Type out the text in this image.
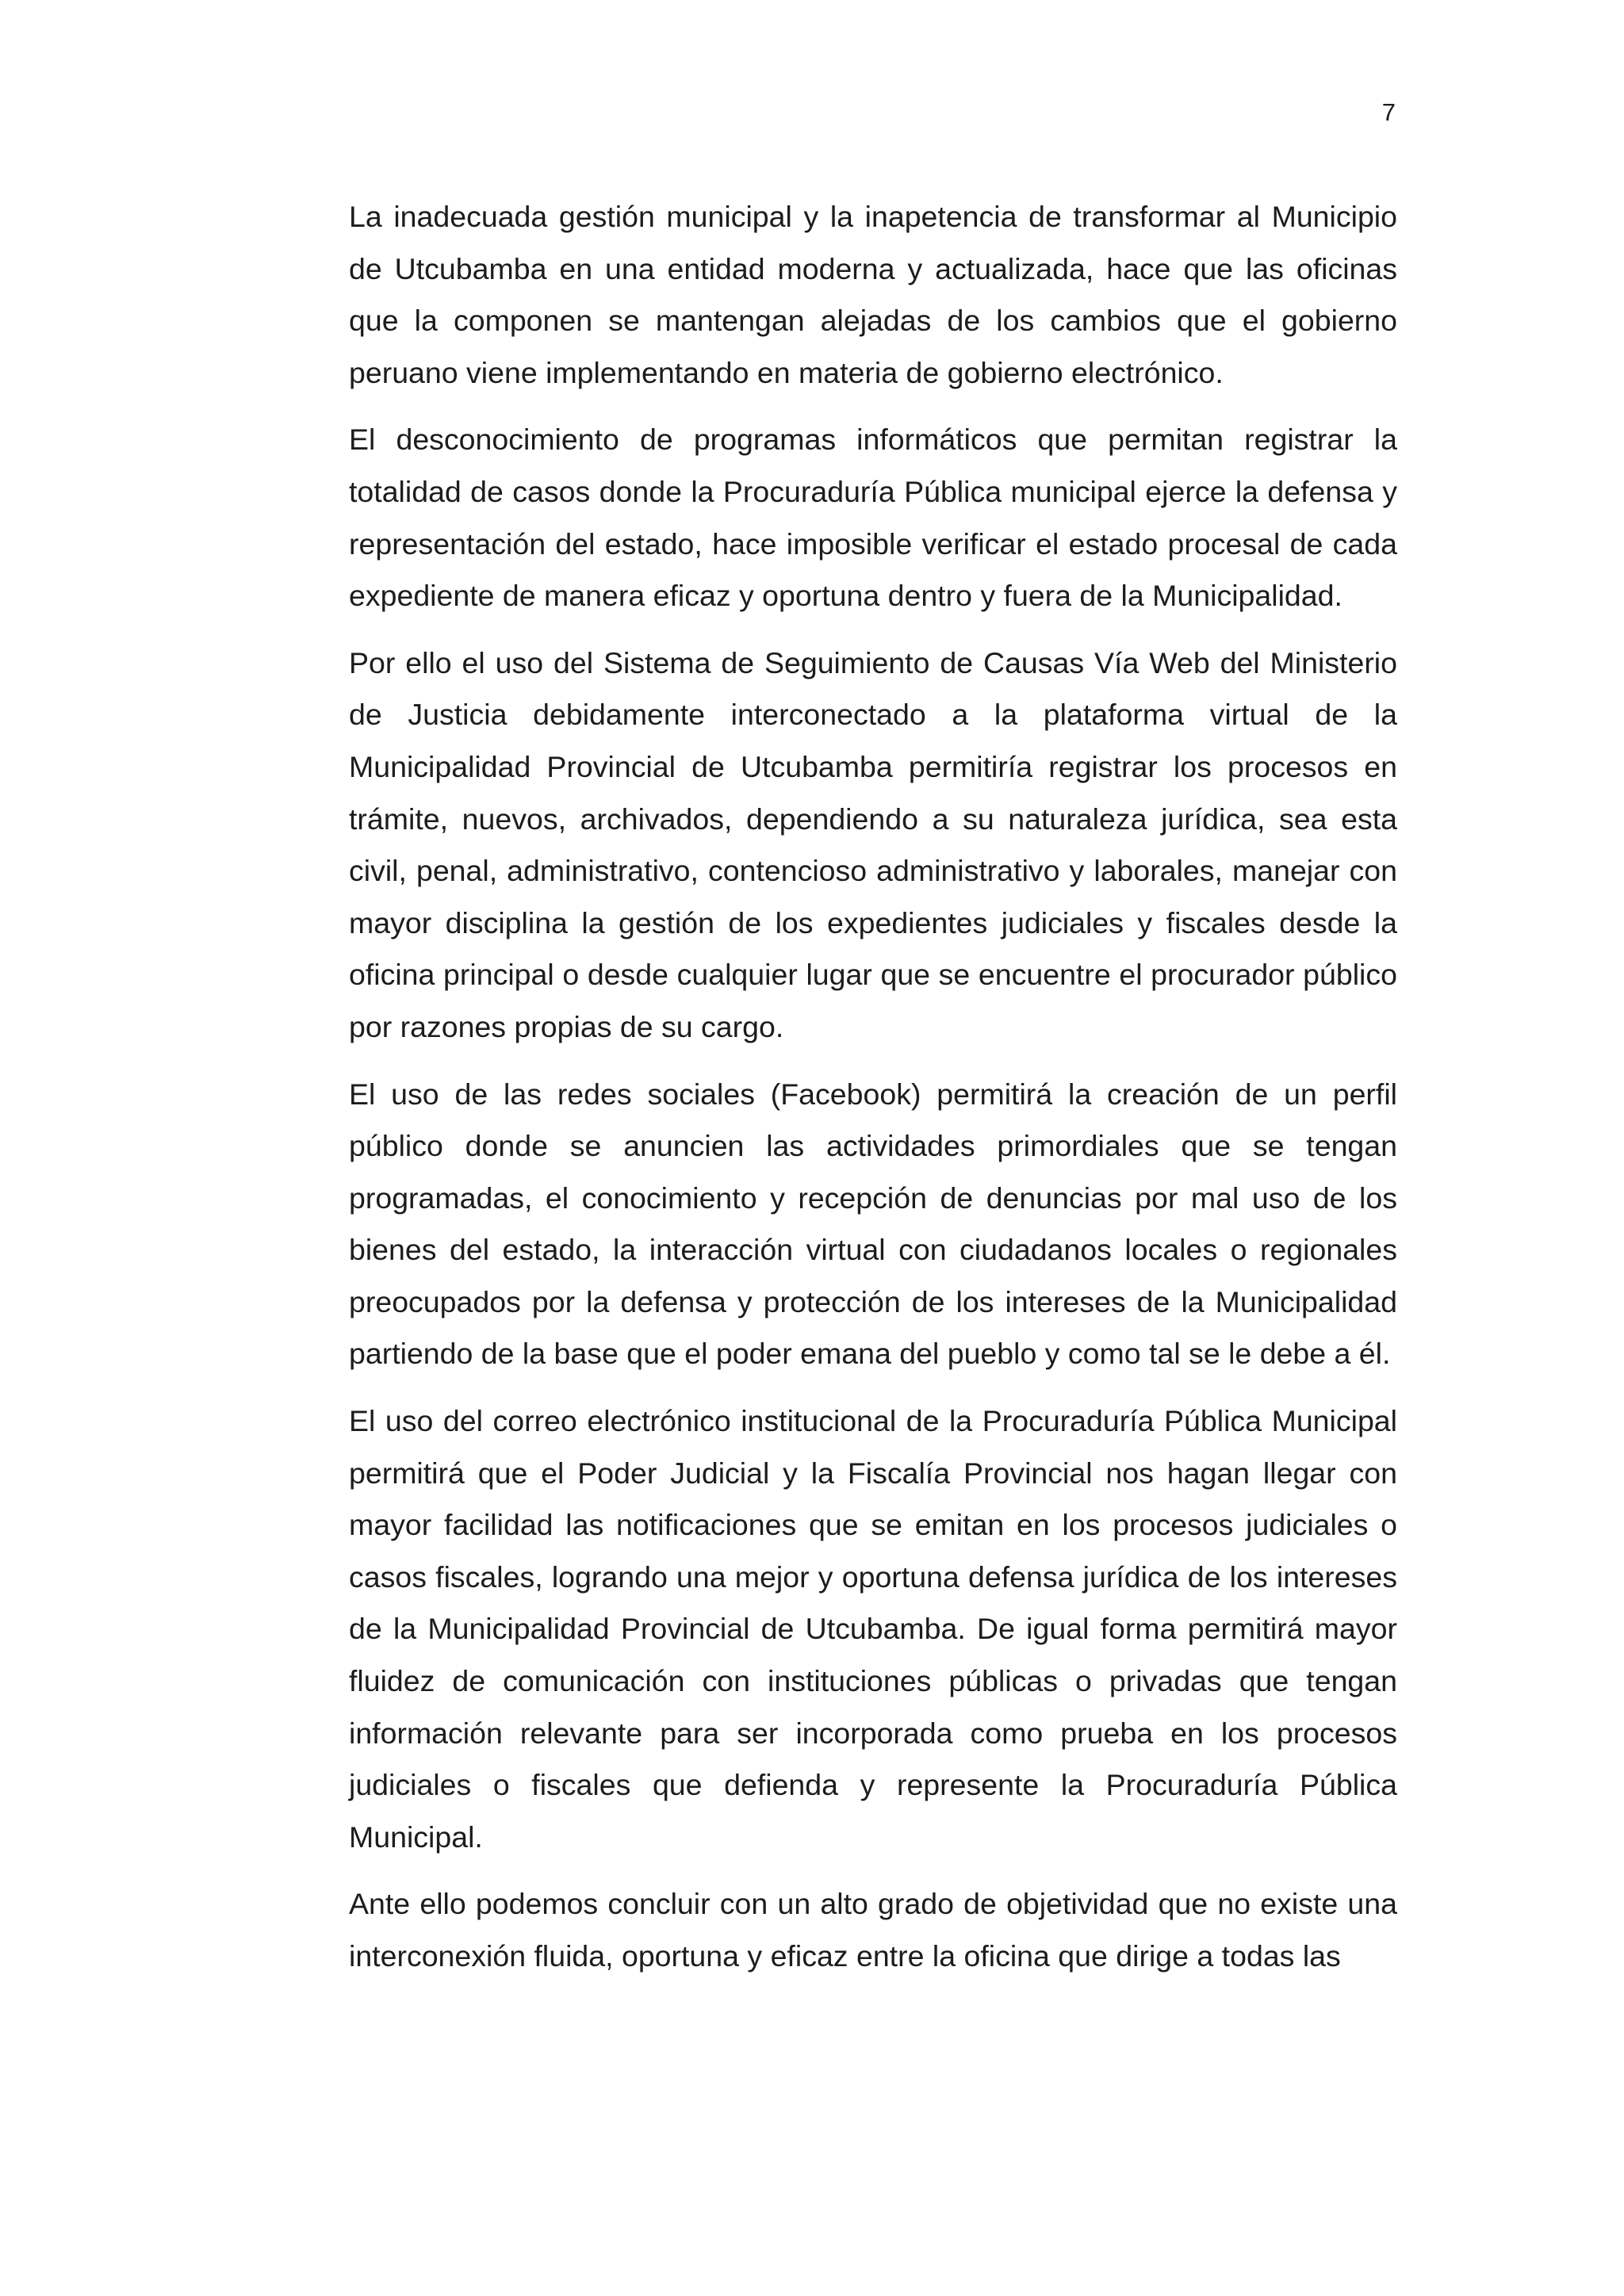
7

La inadecuada gestión municipal y la inapetencia de transformar al Municipio de Utcubamba en una entidad moderna y actualizada, hace que las oficinas que la componen se mantengan alejadas de los cambios que el gobierno peruano viene implementando en materia de gobierno electrónico.

El desconocimiento de programas informáticos que permitan registrar la totalidad de casos donde la Procuraduría Pública municipal ejerce la defensa y representación del estado, hace imposible verificar el estado procesal de cada expediente de manera eficaz y oportuna dentro y fuera de la Municipalidad.

Por ello el uso del Sistema de Seguimiento de Causas Vía Web del Ministerio de Justicia debidamente interconectado a la plataforma virtual de la Municipalidad Provincial de Utcubamba permitiría registrar los procesos en trámite, nuevos, archivados, dependiendo a su naturaleza jurídica, sea esta civil, penal, administrativo, contencioso administrativo y laborales, manejar con mayor disciplina la gestión de los expedientes judiciales y fiscales desde la oficina principal o desde cualquier lugar que se encuentre el procurador público por razones propias de su cargo.

El uso de las redes sociales (Facebook) permitirá la creación de un perfil público donde se anuncien las actividades primordiales que se tengan programadas, el conocimiento y recepción de denuncias por mal uso de los bienes del estado, la interacción virtual con ciudadanos locales o regionales preocupados por la defensa y protección de los intereses de la Municipalidad partiendo de la base que el poder emana del pueblo y como tal se le debe a él.

El uso del correo electrónico institucional de la Procuraduría Pública Municipal permitirá que el Poder Judicial y la Fiscalía Provincial nos hagan llegar con mayor facilidad las notificaciones que se emitan en los procesos judiciales o casos fiscales, logrando una mejor y oportuna defensa jurídica de los intereses de la Municipalidad Provincial de Utcubamba. De igual forma permitirá mayor fluidez de comunicación con instituciones públicas o privadas que tengan información relevante para ser incorporada como prueba en los procesos judiciales o fiscales que defienda y represente la Procuraduría Pública Municipal.

Ante ello podemos concluir con un alto grado de objetividad que no existe una interconexión fluida, oportuna y eficaz entre la oficina que dirige a todas las
